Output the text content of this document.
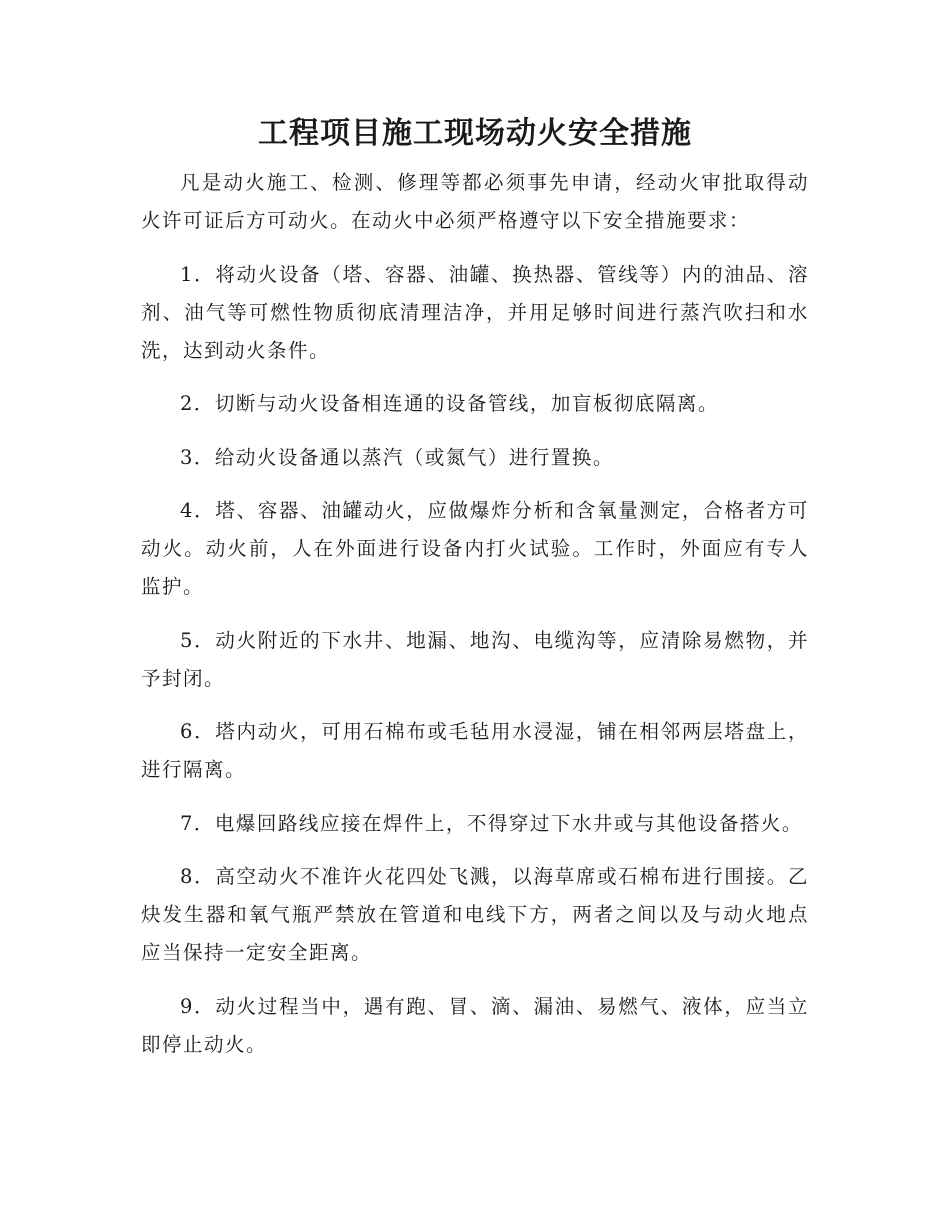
工程项目施工现场动火安全措施

凡是动火施工、检测、修理等都必须事先申请，经动火审批取得动火许可证后方可动火。在动火中必须严格遵守以下安全措施要求：

1．将动火设备（塔、容器、油罐、换热器、管线等）内的油品、溶剂、油气等可燃性物质彻底清理洁净，并用足够时间进行蒸汽吹扫和水洗，达到动火条件。

2．切断与动火设备相连通的设备管线，加盲板彻底隔离。

3．给动火设备通以蒸汽（或氮气）进行置换。

4．塔、容器、油罐动火，应做爆炸分析和含氧量测定，合格者方可动火。动火前，人在外面进行设备内打火试验。工作时，外面应有专人监护。

5．动火附近的下水井、地漏、地沟、电缆沟等，应清除易燃物，并予封闭。

6．塔内动火，可用石棉布或毛毡用水浸湿，铺在相邻两层塔盘上，进行隔离。

7．电爆回路线应接在焊件上，不得穿过下水井或与其他设备搭火。

8．高空动火不准许火花四处飞溅，以海草席或石棉布进行围接。乙炔发生器和氧气瓶严禁放在管道和电线下方，两者之间以及与动火地点应当保持一定安全距离。

9．动火过程当中，遇有跑、冒、滴、漏油、易燃气、液体，应当立即停止动火。
